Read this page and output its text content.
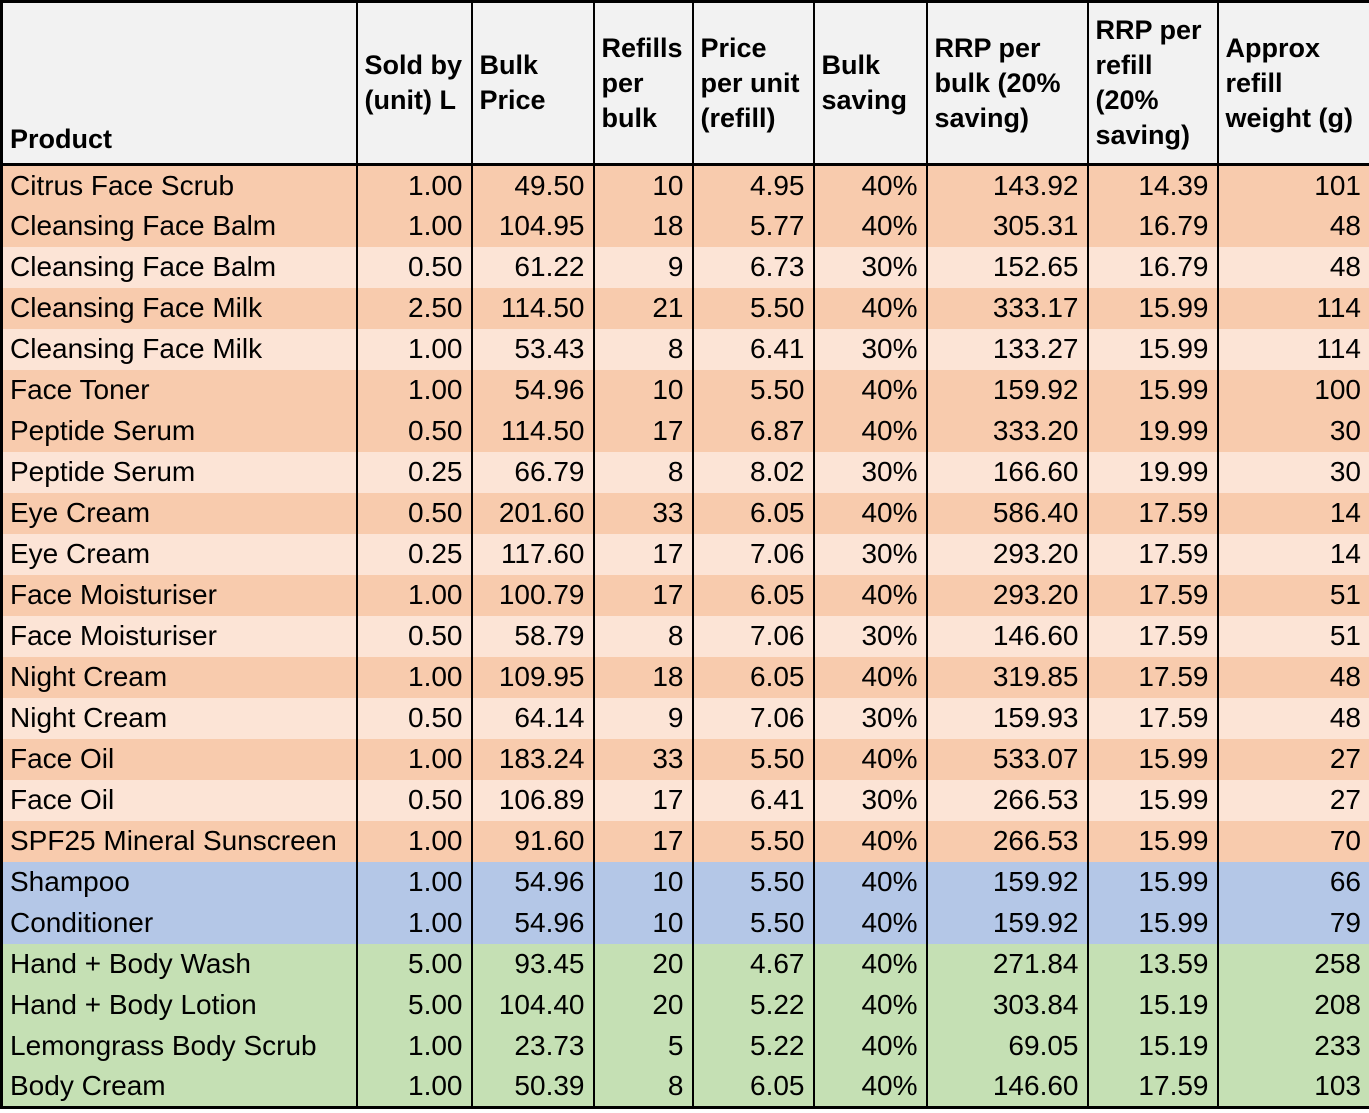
Product	Sold by (unit) L	Bulk Price	Refills per bulk	Price per unit (refill)	Bulk saving	RRP per bulk (20% saving)	RRP per refill (20% saving)	Approx refill weight (g)
Citrus Face Scrub	1.00	49.50	10	4.95	40%	143.92	14.39	101
Cleansing Face Balm	1.00	104.95	18	5.77	40%	305.31	16.79	48
Cleansing Face Balm	0.50	61.22	9	6.73	30%	152.65	16.79	48
Cleansing Face Milk	2.50	114.50	21	5.50	40%	333.17	15.99	114
Cleansing Face Milk	1.00	53.43	8	6.41	30%	133.27	15.99	114
Face Toner	1.00	54.96	10	5.50	40%	159.92	15.99	100
Peptide Serum	0.50	114.50	17	6.87	40%	333.20	19.99	30
Peptide Serum	0.25	66.79	8	8.02	30%	166.60	19.99	30
Eye Cream	0.50	201.60	33	6.05	40%	586.40	17.59	14
Eye Cream	0.25	117.60	17	7.06	30%	293.20	17.59	14
Face Moisturiser	1.00	100.79	17	6.05	40%	293.20	17.59	51
Face Moisturiser	0.50	58.79	8	7.06	30%	146.60	17.59	51
Night Cream	1.00	109.95	18	6.05	40%	319.85	17.59	48
Night Cream	0.50	64.14	9	7.06	30%	159.93	17.59	48
Face Oil	1.00	183.24	33	5.50	40%	533.07	15.99	27
Face Oil	0.50	106.89	17	6.41	30%	266.53	15.99	27
SPF25 Mineral Sunscreen	1.00	91.60	17	5.50	40%	266.53	15.99	70
Shampoo	1.00	54.96	10	5.50	40%	159.92	15.99	66
Conditioner	1.00	54.96	10	5.50	40%	159.92	15.99	79
Hand + Body Wash	5.00	93.45	20	4.67	40%	271.84	13.59	258
Hand + Body Lotion	5.00	104.40	20	5.22	40%	303.84	15.19	208
Lemongrass Body Scrub	1.00	23.73	5	5.22	40%	69.05	15.19	233
Body Cream	1.00	50.39	8	6.05	40%	146.60	17.59	103
